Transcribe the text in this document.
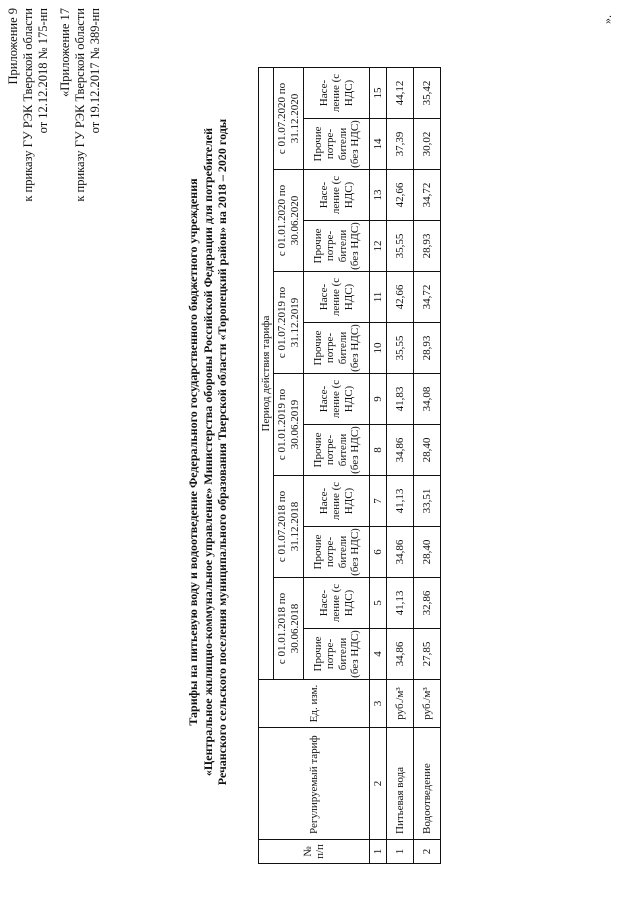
Приложение 9 к приказу ГУ РЭК Тверской области от 12.12.2018 № 175-нп «Приложение 17 к приказу ГУ РЭК Тверской области от 19.12.2017 № 389-нп
Тарифы на питьевую воду и водоотведение Федерального государственного бюджетного учреждения «Центральное жилищно-коммунальное управление» Министерства обороны Российской Федерации для потребителей Речанского сельского поселения муниципального образования Тверской области «Торопецкий район» на 2018 – 2020 годы
№ п/п	Регулируемый тариф	Ед. изм.	Период действия тарифа											
			с 01.01.2018 по 30.06.2018		с 01.07.2018 по 31.12.2018		с 01.01.2019 по 30.06.2019		с 01.07.2019 по 31.12.2019		с 01.01.2020 по 30.06.2020		с 01.07.2020 по 31.12.2020	
			Прочие потре- бители (без НДС)	Насе- ление (с НДС)	Прочие потре- бители (без НДС)	Насе- ление (с НДС)	Прочие потре- бители (без НДС)	Насе- ление (с НДС)	Прочие потре- бители (без НДС)	Насе- ление (с НДС)	Прочие потре- бители (без НДС)	Насе- ление (с НДС)	Прочие потре- бители (без НДС)	Насе- ление (с НДС)
1	2	3	4	5	6	7	8	9	10	11	12	13	14	15
1	Питьевая вода	руб./м³	34,86	41,13	34,86	41,13	34,86	41,83	35,55	42,66	35,55	42,66	37,39	44,12
2	Водоотведение	руб./м³	27,85	32,86	28,40	33,51	28,40	34,08	28,93	34,72	28,93	34,72	30,02	35,42
».
